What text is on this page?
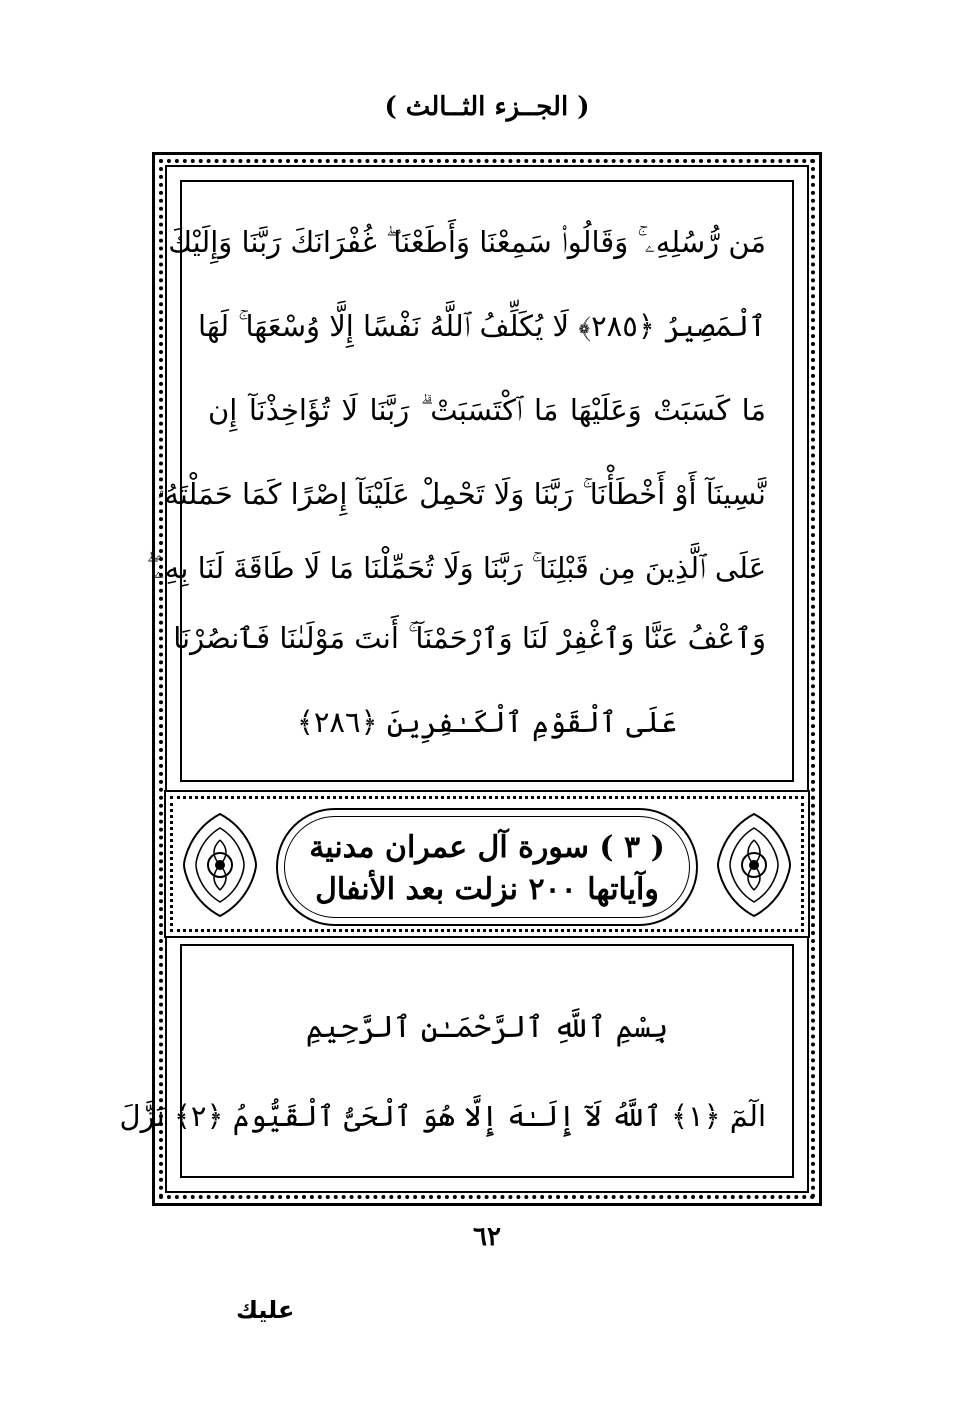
( الجــزء الثــالث )
مَن رُّسُلِهِۦ ۚ وَقَالُوا۟ سَمِعْنَا وَأَطَعْنَا ۖ غُفْرَانَكَ رَبَّنَا وَإِلَيْكَ
ٱلْمَصِيرُ ﴿٢٨٥﴾ لَا يُكَلِّفُ ٱللَّهُ نَفْسًا إِلَّا وُسْعَهَا ۚ لَهَا
مَا كَسَبَتْ وَعَلَيْهَا مَا ٱكْتَسَبَتْ ۗ رَبَّنَا لَا تُؤَاخِذْنَآ إِن
نَّسِينَآ أَوْ أَخْطَأْنَا ۚ رَبَّنَا وَلَا تَحْمِلْ عَلَيْنَآ إِصْرًا كَمَا حَمَلْتَهُۥ
عَلَى ٱلَّذِينَ مِن قَبْلِنَا ۚ رَبَّنَا وَلَا تُحَمِّلْنَا مَا لَا طَاقَةَ لَنَا بِهِۦ ۖ
وَٱعْفُ عَنَّا وَٱغْفِرْ لَنَا وَٱرْحَمْنَآ ۚ أَنتَ مَوْلَىٰنَا فَٱنصُرْنَا
عَلَى ٱلْقَوْمِ ٱلْكَـٰفِرِينَ ﴿٢٨٦﴾
( ٣ ) سورة آل عمران مدنية
وآياتها ٢٠٠ نزلت بعد الأنفال
بِسْمِ ٱللَّهِ ٱلرَّحْمَـٰنِ ٱلرَّحِيمِ
الٓمٓ ﴿١﴾ ٱللَّهُ لَآ إِلَـٰهَ إِلَّا هُوَ ٱلْحَىُّ ٱلْقَيُّومُ ﴿٢﴾ نَزَّلَ
٦٢
عليك
